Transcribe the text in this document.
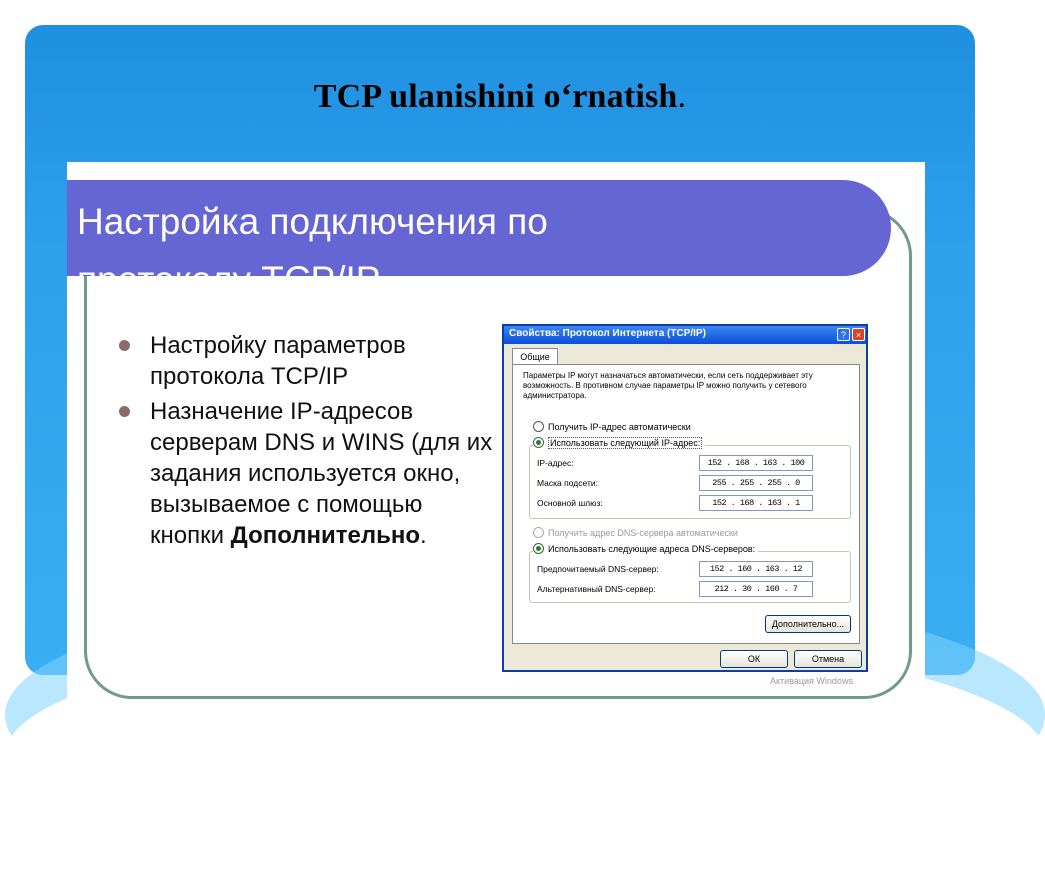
TCP ulanishini o‘rnatish.
Настройка подключения по
протоколу TCP/IP
Настройку параметров протокола TCP/IP
Назначение IP-адресов серверам DNS и WINS (для их задания используется окно, вызываемое с помощью кнопки Дополнительно.
Свойства: Протокол Интернета (TCP/IP)	?	×
Общие
Параметры IP могут назначаться автоматически, если сеть поддерживает эту возможность. В противном случае параметры IP можно получить у сетевого администратора.
Получить IP-адрес автоматически
Использовать следующий IP-адрес:
IP-адрес:	152 . 168 . 163 . 100
Маска подсети:	255 . 255 . 255 . 0
Основной шлюз:	152 . 168 . 163 . 1
Получить адрес DNS-сервера автоматически
Использовать следующие адреса DNS-серверов:
Предпочитаемый DNS-сервер:	152 . 160 . 163 . 12
Альтернативный DNS-сервер:	212 . 30 . 160 . 7
Дополнительно...
ОК	Отмена
Активация Windows
